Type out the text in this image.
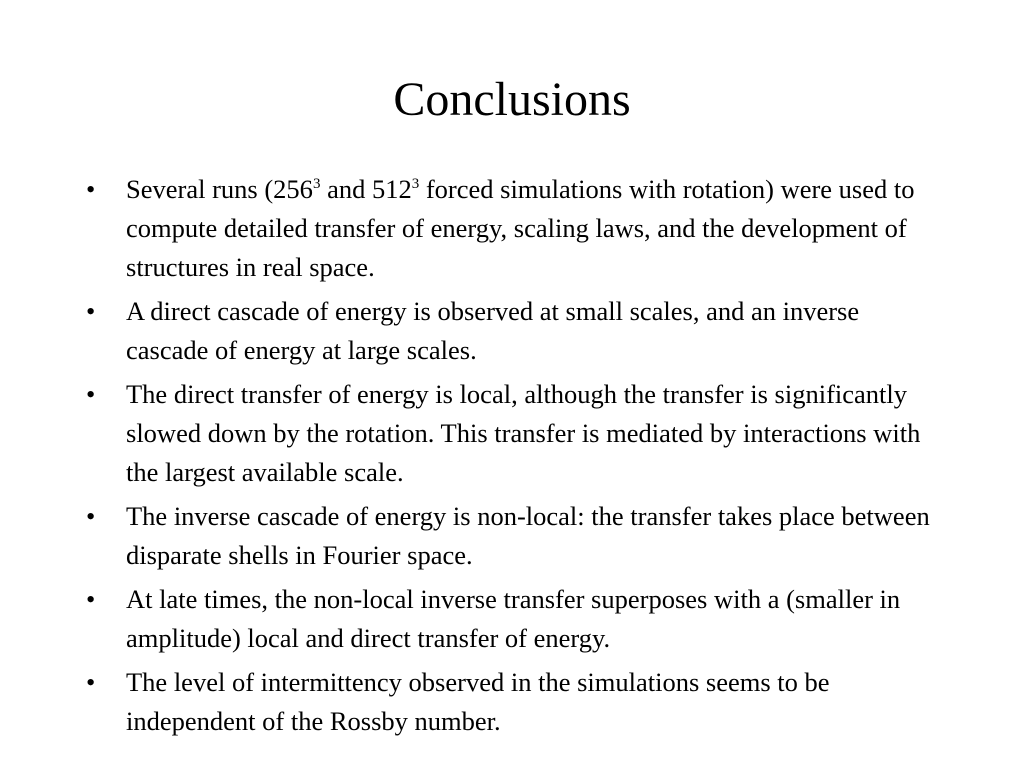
Conclusions
•	Several runs ($256^3$ and $512^3$ forced simulations with rotation) were used to compute detailed transfer of energy, scaling laws, and the development of structures in real space.
•	A direct cascade of energy is observed at small scales, and an inverse cascade of energy at large scales.
•	The direct transfer of energy is local, although the transfer is significantly slowed down by the rotation. This transfer is mediated by interactions with the largest available scale.
•	The inverse cascade of energy is non-local: the transfer takes place between disparate shells in Fourier space.
•	At late times, the non-local inverse transfer superposes with a (smaller in amplitude) local and direct transfer of energy.
•	The level of intermittency observed in the simulations seems to be independent of the Rossby number.
